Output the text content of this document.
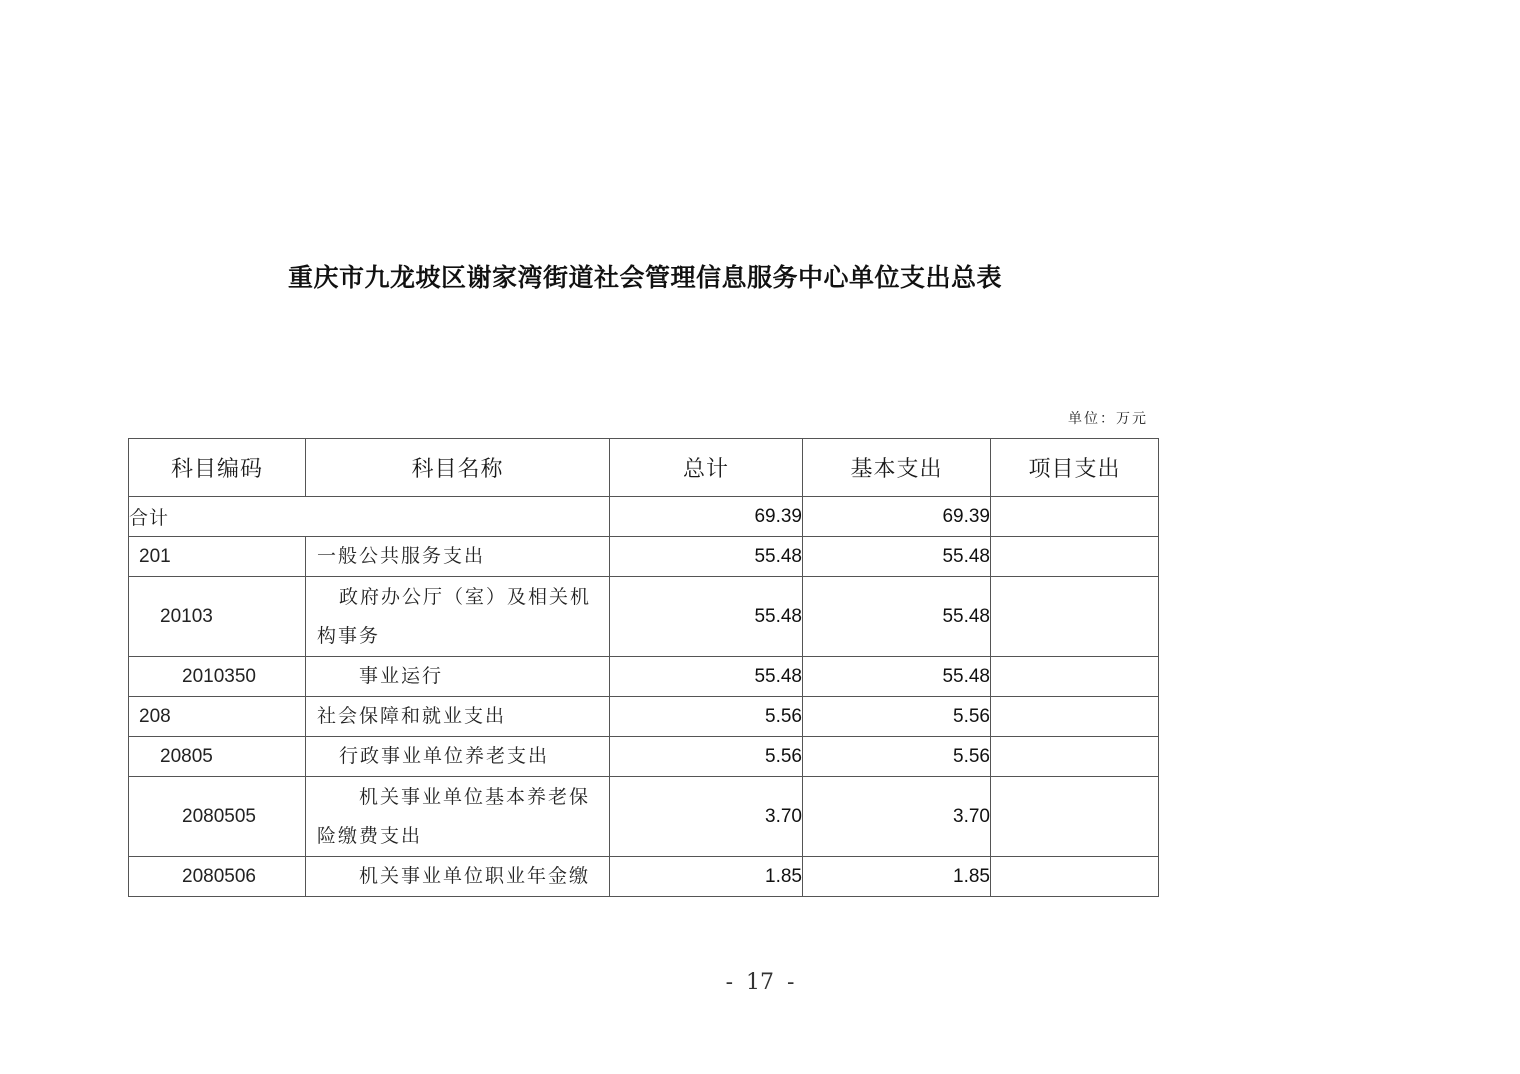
重庆市九龙坡区谢家湾街道社会管理信息服务中心单位支出总表
单位：万元
科目编码	科目名称	总计	基本支出	项目支出
合计		69.39	69.39	
201	一般公共服务支出	55.48	55.48	
20103	政府办公厅（室）及相关机构事务	55.48	55.48	
2010350	事业运行	55.48	55.48	
208	社会保障和就业支出	5.56	5.56	
20805	行政事业单位养老支出	5.56	5.56	
2080505	机关事业单位基本养老保险缴费支出	3.70	3.70	
2080506	机关事业单位职业年金缴	1.85	1.85	
- 17 -
